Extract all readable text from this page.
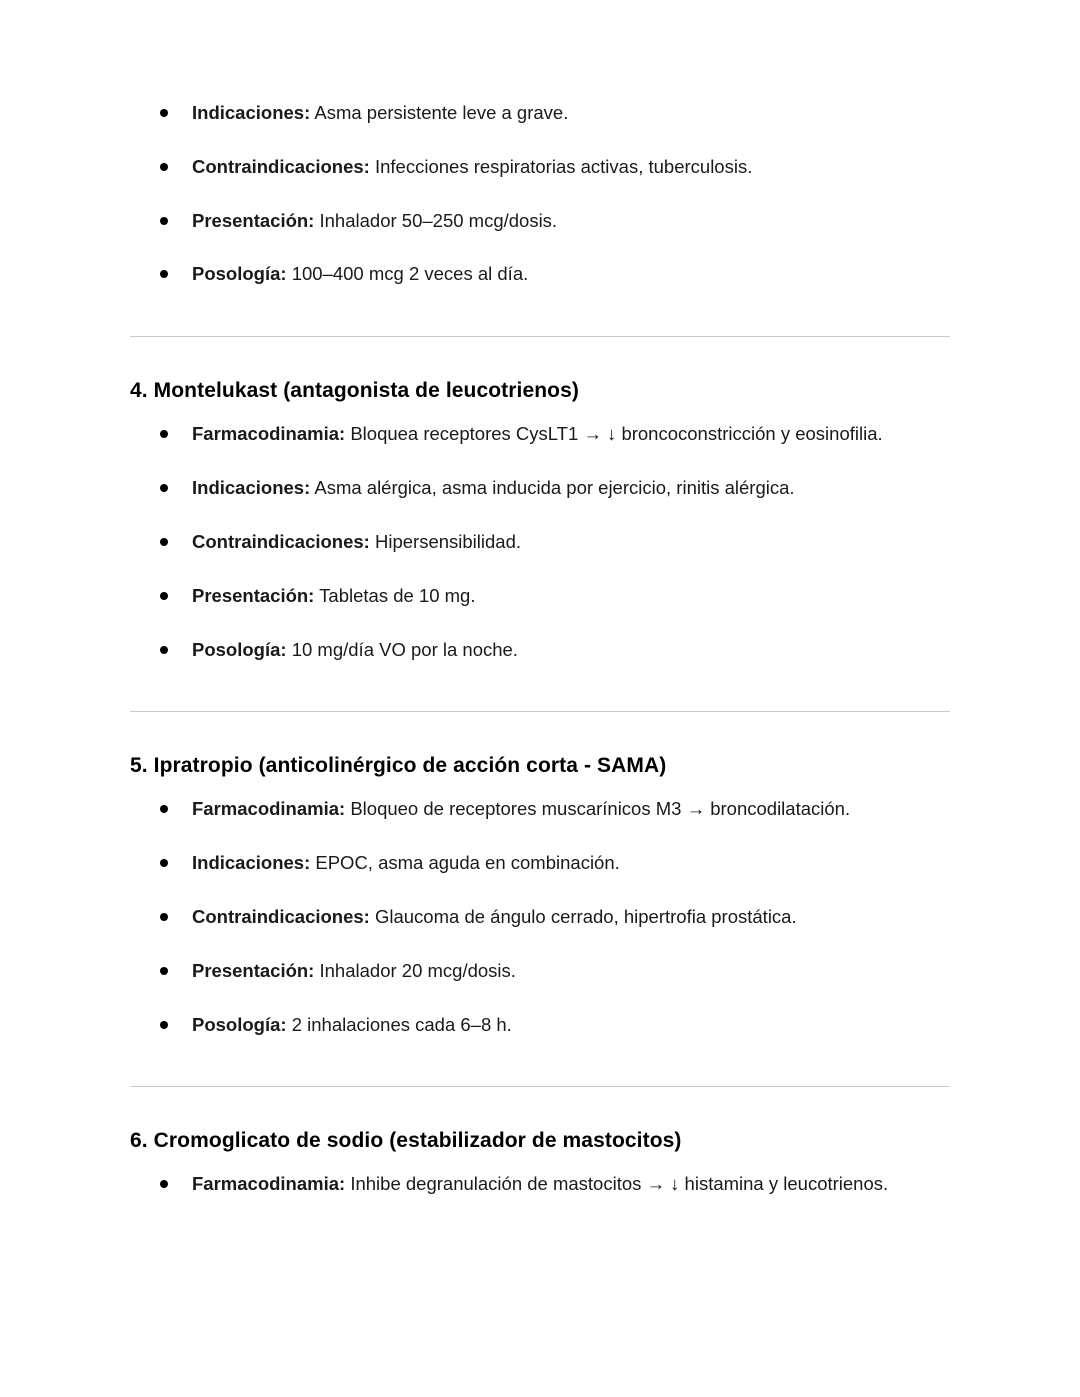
Indicaciones: Asma persistente leve a grave.
Contraindicaciones: Infecciones respiratorias activas, tuberculosis.
Presentación: Inhalador 50–250 mcg/dosis.
Posología: 100–400 mcg 2 veces al día.
4. Montelukast (antagonista de leucotrienos)
Farmacodinamia: Bloquea receptores CysLT1 → ↓ broncoconstricción y eosinofilia.
Indicaciones: Asma alérgica, asma inducida por ejercicio, rinitis alérgica.
Contraindicaciones: Hipersensibilidad.
Presentación: Tabletas de 10 mg.
Posología: 10 mg/día VO por la noche.
5. Ipratropio (anticolinérgico de acción corta - SAMA)
Farmacodinamia: Bloqueo de receptores muscarínicos M3 → broncodilatación.
Indicaciones: EPOC, asma aguda en combinación.
Contraindicaciones: Glaucoma de ángulo cerrado, hipertrofia prostática.
Presentación: Inhalador 20 mcg/dosis.
Posología: 2 inhalaciones cada 6–8 h.
6. Cromoglicato de sodio (estabilizador de mastocitos)
Farmacodinamia: Inhibe degranulación de mastocitos → ↓ histamina y leucotrienos.
